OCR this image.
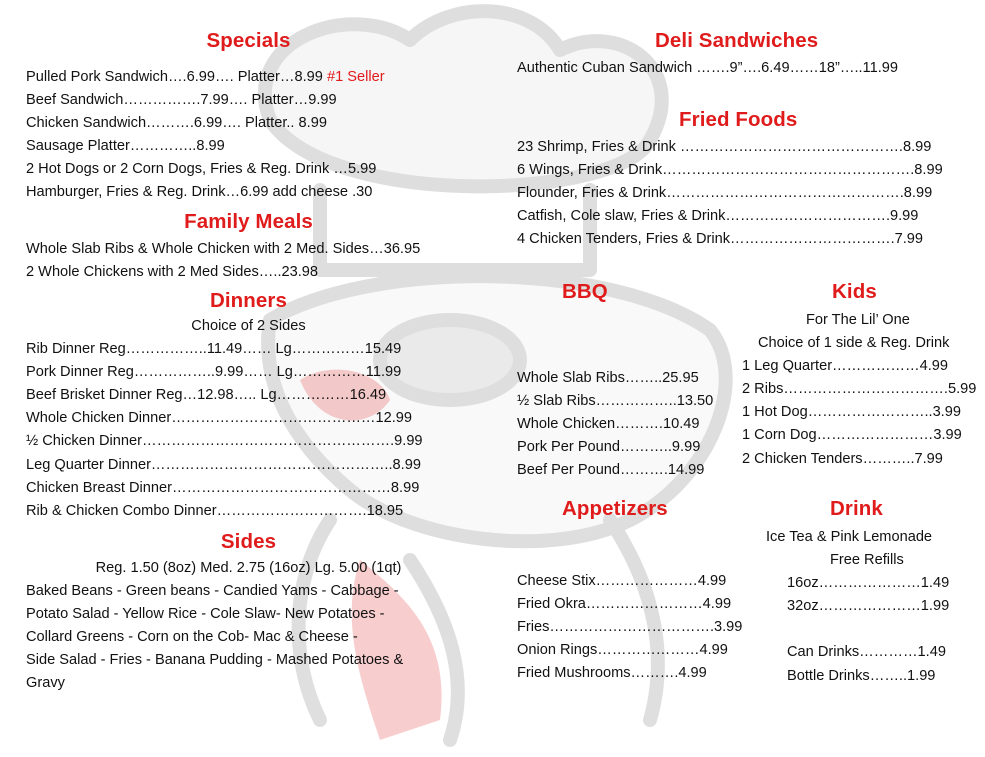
Specials
Pulled Pork Sandwich….6.99…. Platter…8.99 #1 Seller
Beef Sandwich…………….7.99…. Platter…9.99
Chicken Sandwich……….6.99…. Platter.. 8.99
Sausage Platter…………..8.99
2 Hot Dogs or 2 Corn Dogs, Fries & Reg. Drink …5.99
Hamburger, Fries & Reg. Drink…6.99 add cheese .30
Family Meals
Whole Slab Ribs & Whole Chicken with 2 Med. Sides…36.95
2 Whole Chickens with 2 Med Sides…..23.98
Dinners
Choice of 2 Sides
Rib Dinner Reg……………..11.49…… Lg……………15.49
Pork Dinner Reg……………..9.99…… Lg……………11.99
Beef Brisket Dinner Reg…12.98….. Lg……………16.49
Whole Chicken Dinner……………………………………12.99
½ Chicken Dinner…………………………………………….9.99
Leg Quarter Dinner…………………………………………..8.99
Chicken Breast Dinner………………………………………8.99
Rib & Chicken Combo Dinner………………………….18.95
Sides
Reg. 1.50 (8oz) Med. 2.75 (16oz) Lg. 5.00 (1qt)
Baked Beans - Green beans - Candied Yams - Cabbage -
Potato Salad - Yellow Rice - Cole Slaw- New Potatoes -
Collard Greens - Corn on the Cob- Mac & Cheese -
Side Salad - Fries - Banana Pudding - Mashed Potatoes &
Gravy
Deli Sandwiches
Authentic Cuban Sandwich …….9”….6.49……18”…..11.99
Fried Foods
23 Shrimp, Fries & Drink ……………………………………….8.99
6 Wings, Fries & Drink…………………………………………….8.99
Flounder, Fries & Drink………………………………………….8.99
Catfish, Cole slaw, Fries & Drink…………………………….9.99
4 Chicken Tenders, Fries & Drink…………………………….7.99
BBQ
Whole Slab Ribs……..25.95
½ Slab Ribs……………..13.50
Whole Chicken……….10.49
Pork Per Pound………..9.99
Beef Per Pound……….14.99
Kids
For The Lil’ One
Choice of 1 side & Reg. Drink
1 Leg Quarter………………4.99
2 Ribs…………………………….5.99
1 Hot Dog……………………..3.99
1 Corn Dog……………………3.99
2 Chicken Tenders………..7.99
Appetizers
Cheese Stix…………………4.99
Fried Okra……………………4.99
Fries…………………………….3.99
Onion Rings…………………4.99
Fried Mushrooms……….4.99
Drink
Ice Tea & Pink Lemonade
Free Refills
16oz…………………1.49
32oz…………………1.99

Can Drinks…………1.49
Bottle Drinks……..1.99
